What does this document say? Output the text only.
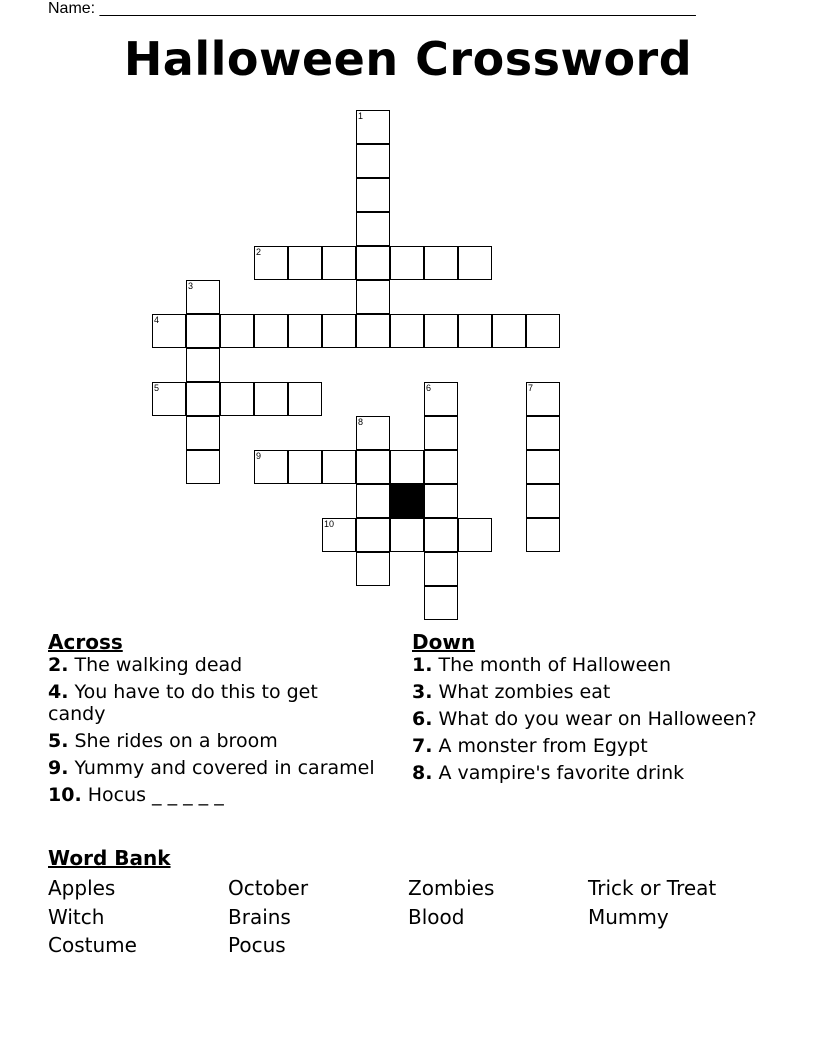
Name: ___________________________________________________________________
Halloween Crossword
1
2
3
4
5	6	7
8
9
10
Across
2. The walking dead
4. You have to do this to get candy
5. She rides on a broom
9. Yummy and covered in caramel
10. Hocus _ _ _ _ _
Down
1. The month of Halloween
3. What zombies eat
6. What do you wear on Halloween?
7. A monster from Egypt
8. A vampire's favorite drink
Word Bank
Apples	October	Zombies	Trick or Treat
Witch	Brains	Blood	Mummy
Costume	Pocus
